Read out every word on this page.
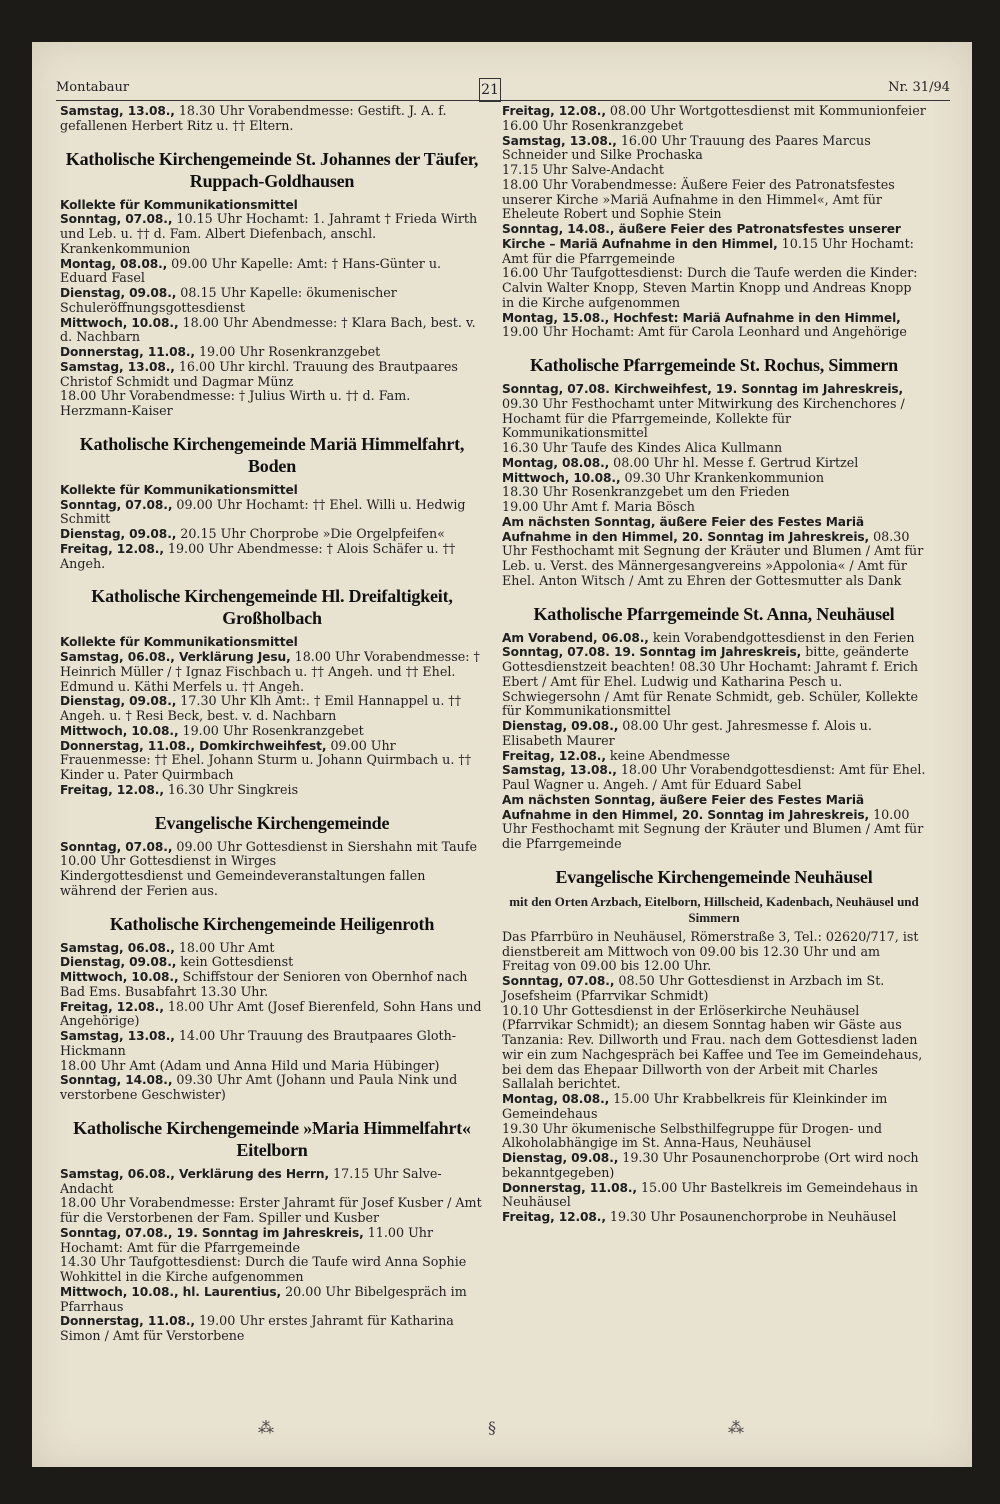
Montabaur	21	Nr. 31/94
Samstag, 13.08., 18.30 Uhr Vorabendmesse: Gestift. J. A. f. gefallenen Herbert Ritz u. †† Eltern.
Katholische Kirchengemeinde St. Johannes der Täufer, Ruppach-Goldhausen
Kollekte für Kommunikationsmittel
Sonntag, 07.08., 10.15 Uhr Hochamt: 1. Jahramt † Frieda Wirth und Leb. u. †† d. Fam. Albert Diefenbach, anschl. Krankenkommunion
Montag, 08.08., 09.00 Uhr Kapelle: Amt: † Hans-Günter u. Eduard Fasel
Dienstag, 09.08., 08.15 Uhr Kapelle: ökumenischer Schuleröffnungsgottesdienst
Mittwoch, 10.08., 18.00 Uhr Abendmesse: † Klara Bach, best. v. d. Nachbarn
Donnerstag, 11.08., 19.00 Uhr Rosenkranzgebet
Samstag, 13.08., 16.00 Uhr kirchl. Trauung des Brautpaares Christof Schmidt und Dagmar Münz
18.00 Uhr Vorabendmesse: † Julius Wirth u. †† d. Fam. Herzmann-Kaiser
Katholische Kirchengemeinde Mariä Himmelfahrt, Boden
Kollekte für Kommunikationsmittel
Sonntag, 07.08., 09.00 Uhr Hochamt: †† Ehel. Willi u. Hedwig Schmitt
Dienstag, 09.08., 20.15 Uhr Chorprobe »Die Orgelpfeifen«
Freitag, 12.08., 19.00 Uhr Abendmesse: † Alois Schäfer u. †† Angeh.
Katholische Kirchengemeinde Hl. Dreifaltigkeit, Großholbach
Kollekte für Kommunikationsmittel
Samstag, 06.08., Verklärung Jesu, 18.00 Uhr Vorabendmesse: † Heinrich Müller / † Ignaz Fischbach u. †† Angeh. und †† Ehel. Edmund u. Käthi Merfels u. †† Angeh.
Dienstag, 09.08., 17.30 Uhr Klh Amt:. † Emil Hannappel u. †† Angeh. u. † Resi Beck, best. v. d. Nachbarn
Mittwoch, 10.08., 19.00 Uhr Rosenkranzgebet
Donnerstag, 11.08., Domkirchweihfest, 09.00 Uhr Frauenmesse: †† Ehel. Johann Sturm u. Johann Quirmbach u. †† Kinder u. Pater Quirmbach
Freitag, 12.08., 16.30 Uhr Singkreis
Evangelische Kirchengemeinde
Sonntag, 07.08., 09.00 Uhr Gottesdienst in Siershahn mit Taufe
10.00 Uhr Gottesdienst in Wirges
Kindergottesdienst und Gemeindeveranstaltungen fallen während der Ferien aus.
Katholische Kirchengemeinde Heiligenroth
Samstag, 06.08., 18.00 Uhr Amt
Dienstag, 09.08., kein Gottesdienst
Mittwoch, 10.08., Schiffstour der Senioren von Obernhof nach Bad Ems. Busabfahrt 13.30 Uhr.
Freitag, 12.08., 18.00 Uhr Amt (Josef Bierenfeld, Sohn Hans und Angehörige)
Samstag, 13.08., 14.00 Uhr Trauung des Brautpaares Gloth-Hickmann
18.00 Uhr Amt (Adam und Anna Hild und Maria Hübinger)
Sonntag, 14.08., 09.30 Uhr Amt (Johann und Paula Nink und verstorbene Geschwister)
Katholische Kirchengemeinde »Maria Himmelfahrt« Eitelborn
Samstag, 06.08., Verklärung des Herrn, 17.15 Uhr Salve-Andacht
18.00 Uhr Vorabendmesse: Erster Jahramt für Josef Kusber / Amt für die Verstorbenen der Fam. Spiller und Kusber
Sonntag, 07.08., 19. Sonntag im Jahreskreis, 11.00 Uhr Hochamt: Amt für die Pfarrgemeinde
14.30 Uhr Taufgottesdienst: Durch die Taufe wird Anna Sophie Wohkittel in die Kirche aufgenommen
Mittwoch, 10.08., hl. Laurentius, 20.00 Uhr Bibelgespräch im Pfarrhaus
Donnerstag, 11.08., 19.00 Uhr erstes Jahramt für Katharina Simon / Amt für Verstorbene
Freitag, 12.08., 08.00 Uhr Wortgottesdienst mit Kommunionfeier
16.00 Uhr Rosenkranzgebet
Samstag, 13.08., 16.00 Uhr Trauung des Paares Marcus Schneider und Silke Prochaska
17.15 Uhr Salve-Andacht
18.00 Uhr Vorabendmesse: Äußere Feier des Patronatsfestes unserer Kirche »Mariä Aufnahme in den Himmel«, Amt für Eheleute Robert und Sophie Stein
Sonntag, 14.08., äußere Feier des Patronatsfestes unserer Kirche – Mariä Aufnahme in den Himmel, 10.15 Uhr Hochamt: Amt für die Pfarrgemeinde
16.00 Uhr Taufgottesdienst: Durch die Taufe werden die Kinder: Calvin Walter Knopp, Steven Martin Knopp und Andreas Knopp in die Kirche aufgenommen
Montag, 15.08., Hochfest: Mariä Aufnahme in den Himmel, 19.00 Uhr Hochamt: Amt für Carola Leonhard und Angehörige
Katholische Pfarrgemeinde St. Rochus, Simmern
Sonntag, 07.08. Kirchweihfest, 19. Sonntag im Jahreskreis, 09.30 Uhr Festhochamt unter Mitwirkung des Kirchenchores / Hochamt für die Pfarrgemeinde, Kollekte für Kommunikationsmittel
16.30 Uhr Taufe des Kindes Alica Kullmann
Montag, 08.08., 08.00 Uhr hl. Messe f. Gertrud Kirtzel
Mittwoch, 10.08., 09.30 Uhr Krankenkommunion
18.30 Uhr Rosenkranzgebet um den Frieden
19.00 Uhr Amt f. Maria Bösch
Am nächsten Sonntag, äußere Feier des Festes Mariä Aufnahme in den Himmel, 20. Sonntag im Jahreskreis, 08.30 Uhr Festhochamt mit Segnung der Kräuter und Blumen / Amt für Leb. u. Verst. des Männergesangvereins »Appolonia« / Amt für Ehel. Anton Witsch / Amt zu Ehren der Gottesmutter als Dank
Katholische Pfarrgemeinde St. Anna, Neuhäusel
Am Vorabend, 06.08., kein Vorabendgottesdienst in den Ferien
Sonntag, 07.08. 19. Sonntag im Jahreskreis, bitte, geänderte Gottesdienstzeit beachten! 08.30 Uhr Hochamt: Jahramt f. Erich Ebert / Amt für Ehel. Ludwig und Katharina Pesch u. Schwiegersohn / Amt für Renate Schmidt, geb. Schüler, Kollekte für Kommunikationsmittel
Dienstag, 09.08., 08.00 Uhr gest. Jahresmesse f. Alois u. Elisabeth Maurer
Freitag, 12.08., keine Abendmesse
Samstag, 13.08., 18.00 Uhr Vorabendgottesdienst: Amt für Ehel. Paul Wagner u. Angeh. / Amt für Eduard Sabel
Am nächsten Sonntag, äußere Feier des Festes Mariä Aufnahme in den Himmel, 20. Sonntag im Jahreskreis, 10.00 Uhr Festhochamt mit Segnung der Kräuter und Blumen / Amt für die Pfarrgemeinde
Evangelische Kirchengemeinde Neuhäusel
mit den Orten Arzbach, Eitelborn, Hillscheid, Kadenbach, Neuhäusel und Simmern
Das Pfarrbüro in Neuhäusel, Römerstraße 3, Tel.: 02620/717, ist dienstbereit am Mittwoch von 09.00 bis 12.30 Uhr und am Freitag von 09.00 bis 12.00 Uhr.
Sonntag, 07.08., 08.50 Uhr Gottesdienst in Arzbach im St. Josefsheim (Pfarrvikar Schmidt)
10.10 Uhr Gottesdienst in der Erlöserkirche Neuhäusel (Pfarrvikar Schmidt); an diesem Sonntag haben wir Gäste aus Tanzania: Rev. Dillworth und Frau. nach dem Gottesdienst laden wir ein zum Nachgespräch bei Kaffee und Tee im Gemeindehaus, bei dem das Ehepaar Dillworth von der Arbeit mit Charles Sallalah berichtet.
Montag, 08.08., 15.00 Uhr Krabbelkreis für Kleinkinder im Gemeindehaus
19.30 Uhr ökumenische Selbsthilfegruppe für Drogen- und Alkoholabhängige im St. Anna-Haus, Neuhäusel
Dienstag, 09.08., 19.30 Uhr Posaunenchorprobe (Ort wird noch bekanntgegeben)
Donnerstag, 11.08., 15.00 Uhr Bastelkreis im Gemeindehaus in Neuhäusel
Freitag, 12.08., 19.30 Uhr Posaunenchorprobe in Neuhäusel
⁂	§	⁂
